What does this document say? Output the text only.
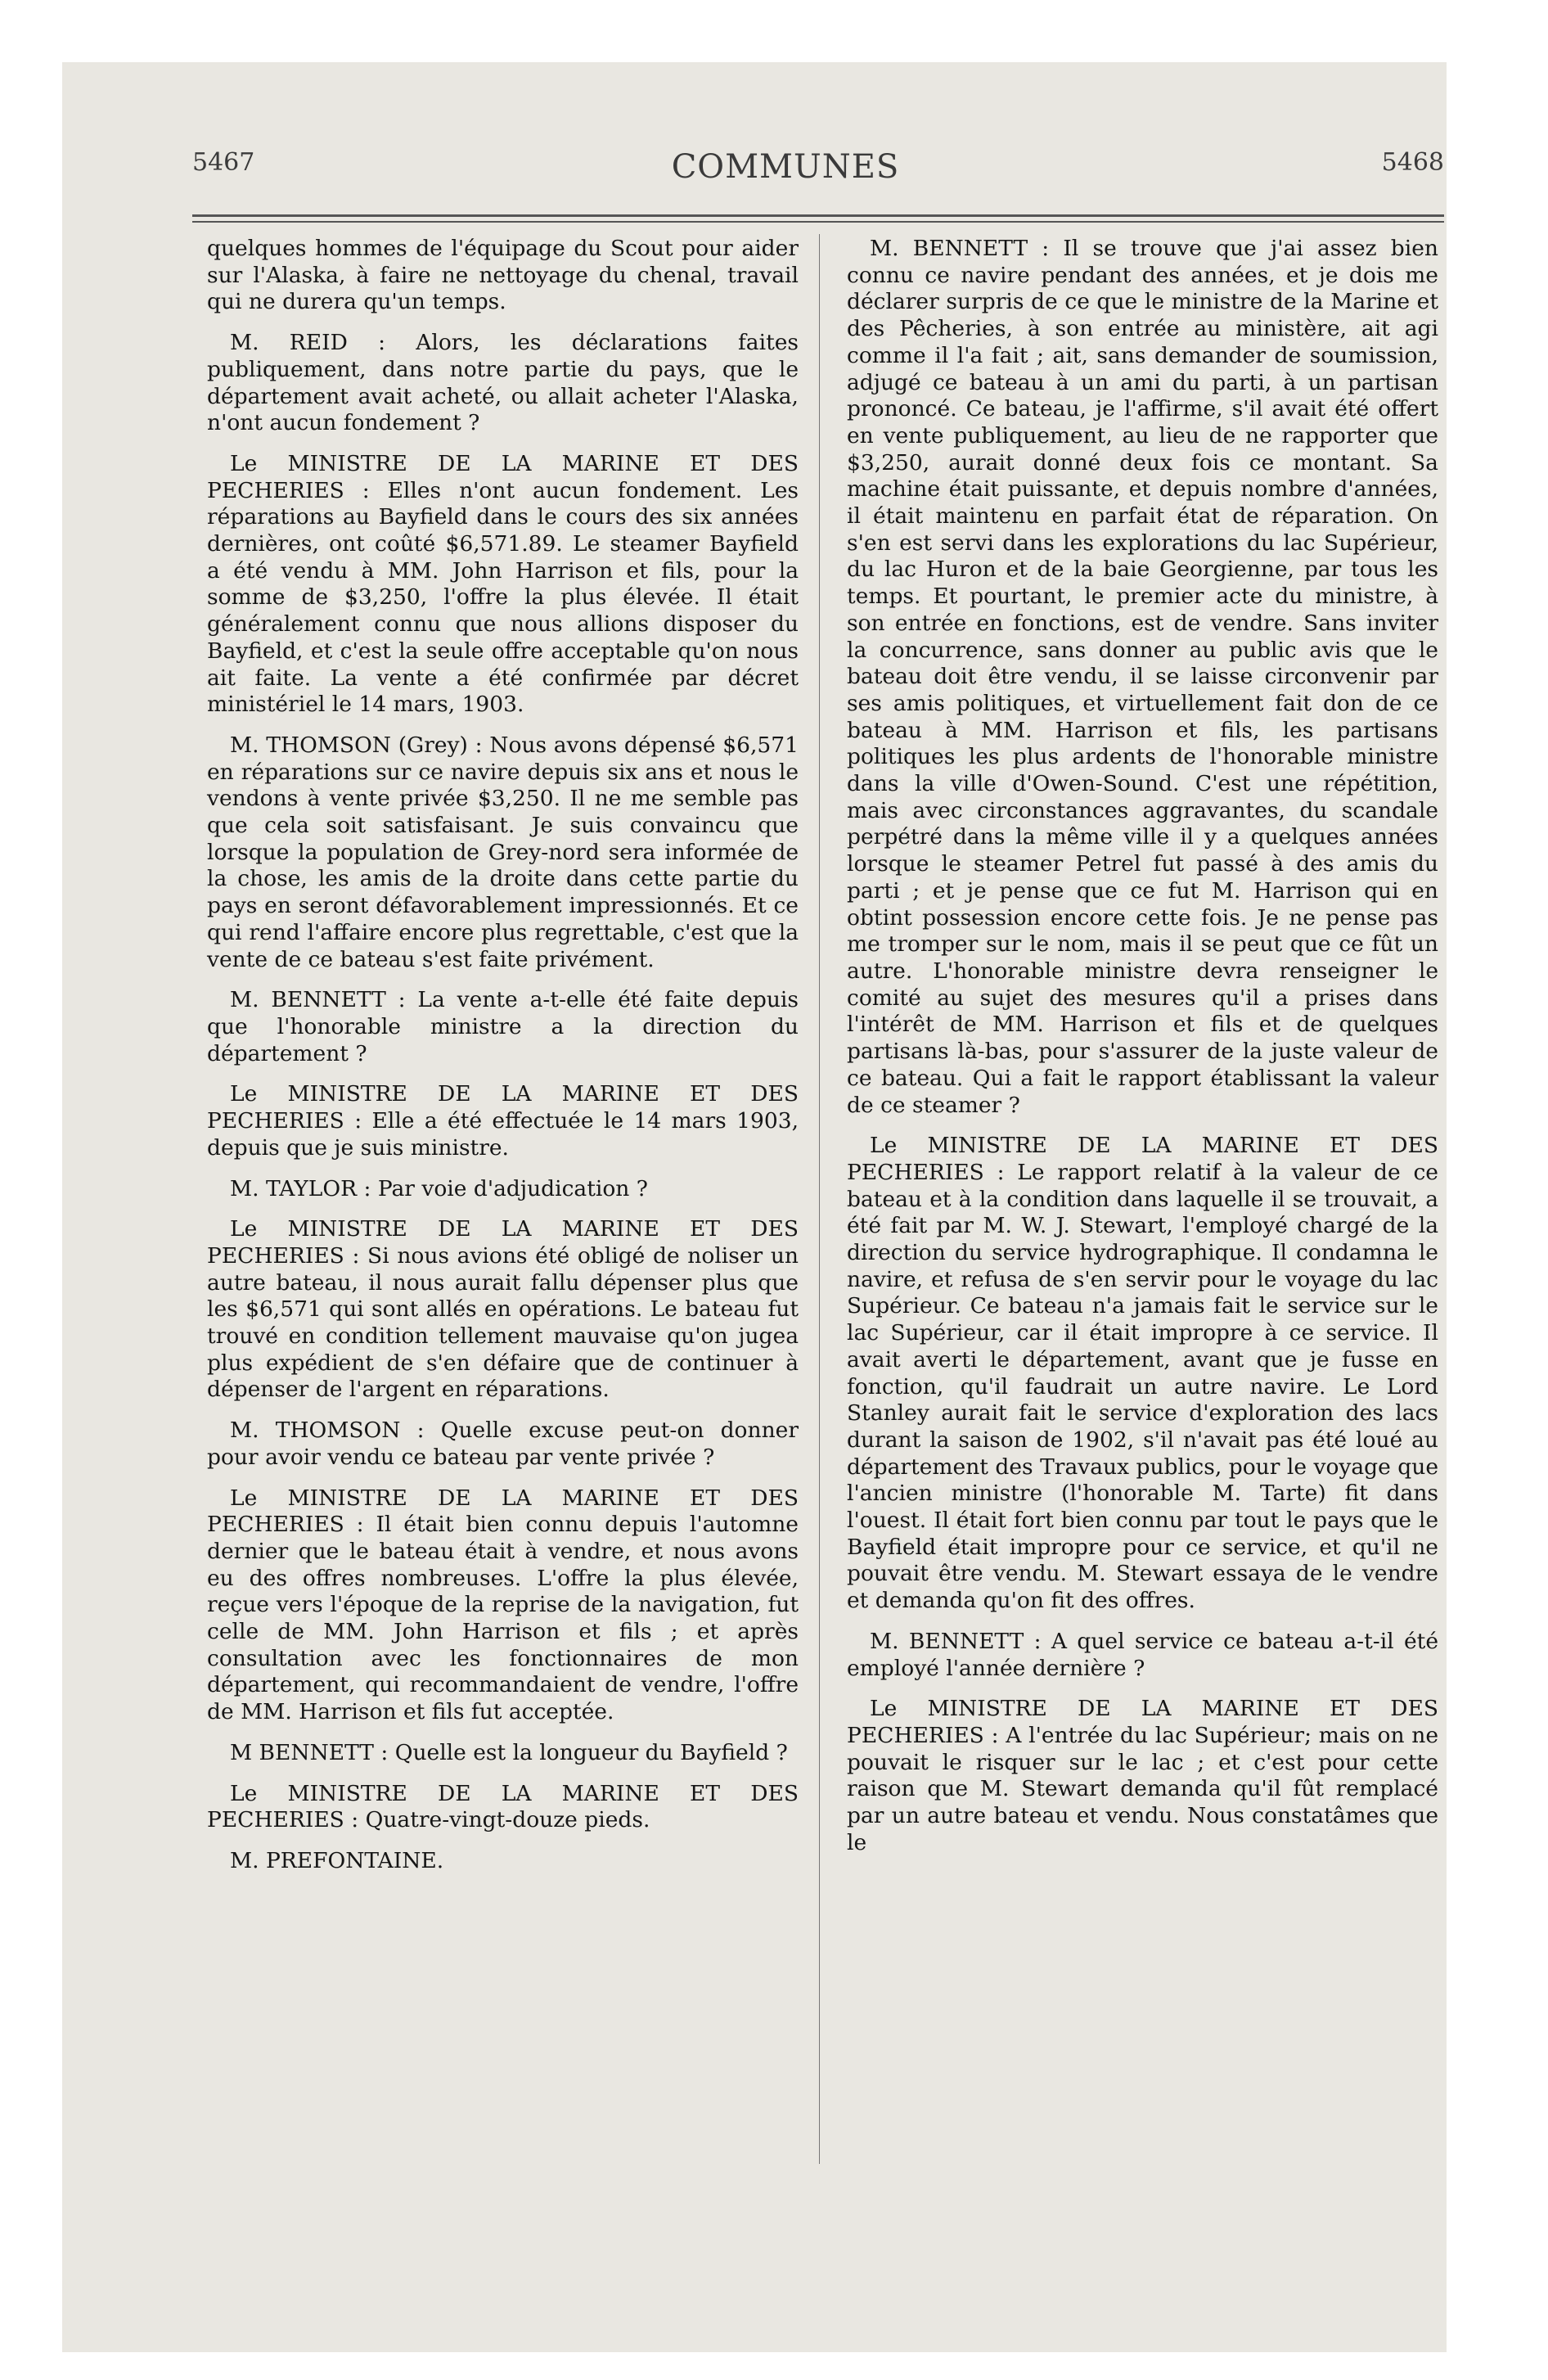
5467	COMMUNES	5468

quelques hommes de l'équipage du Scout pour aider sur l'Alaska, à faire ne nettoyage du chenal, travail qui ne durera qu'un temps.

M. REID : Alors, les déclarations faites publiquement, dans notre partie du pays, que le département avait acheté, ou allait acheter l'Alaska, n'ont aucun fondement ?

Le MINISTRE DE LA MARINE ET DES PECHERIES : Elles n'ont aucun fondement. Les réparations au Bayfield dans le cours des six années dernières, ont coûté $6,571.89. Le steamer Bayfield a été vendu à MM. John Harrison et fils, pour la somme de $3,250, l'offre la plus élevée. Il était généralement connu que nous allions disposer du Bayfield, et c'est la seule offre acceptable qu'on nous ait faite. La vente a été confirmée par décret ministériel le 14 mars, 1903.

M. THOMSON (Grey) : Nous avons dépensé $6,571 en réparations sur ce navire depuis six ans et nous le vendons à vente privée $3,250. Il ne me semble pas que cela soit satisfaisant. Je suis convaincu que lorsque la population de Grey-nord sera informée de la chose, les amis de la droite dans cette partie du pays en seront défavorablement impressionnés. Et ce qui rend l'affaire encore plus regrettable, c'est que la vente de ce bateau s'est faite privément.

M. BENNETT : La vente a-t-elle été faite depuis que l'honorable ministre a la direction du département ?

Le MINISTRE DE LA MARINE ET DES PECHERIES : Elle a été effectuée le 14 mars 1903, depuis que je suis ministre.

M. TAYLOR : Par voie d'adjudication ?

Le MINISTRE DE LA MARINE ET DES PECHERIES : Si nous avions été obligé de noliser un autre bateau, il nous aurait fallu dépenser plus que les $6,571 qui sont allés en opérations. Le bateau fut trouvé en condition tellement mauvaise qu'on jugea plus expédient de s'en défaire que de continuer à dépenser de l'argent en réparations.

M. THOMSON : Quelle excuse peut-on donner pour avoir vendu ce bateau par vente privée ?

Le MINISTRE DE LA MARINE ET DES PECHERIES : Il était bien connu depuis l'automne dernier que le bateau était à vendre, et nous avons eu des offres nombreuses. L'offre la plus élevée, reçue vers l'époque de la reprise de la navigation, fut celle de MM. John Harrison et fils ; et après consultation avec les fonctionnaires de mon département, qui recommandaient de vendre, l'offre de MM. Harrison et fils fut acceptée.

M BENNETT : Quelle est la longueur du Bayfield ?

Le MINISTRE DE LA MARINE ET DES PECHERIES : Quatre-vingt-douze pieds.

M. PREFONTAINE.

M. BENNETT : Il se trouve que j'ai assez bien connu ce navire pendant des années, et je dois me déclarer surpris de ce que le ministre de la Marine et des Pêcheries, à son entrée au ministère, ait agi comme il l'a fait ; ait, sans demander de soumission, adjugé ce bateau à un ami du parti, à un partisan prononcé. Ce bateau, je l'affirme, s'il avait été offert en vente publiquement, au lieu de ne rapporter que $3,250, aurait donné deux fois ce montant. Sa machine était puissante, et depuis nombre d'années, il était maintenu en parfait état de réparation. On s'en est servi dans les explorations du lac Supérieur, du lac Huron et de la baie Georgienne, par tous les temps. Et pourtant, le premier acte du ministre, à son entrée en fonctions, est de vendre. Sans inviter la concurrence, sans donner au public avis que le bateau doit être vendu, il se laisse circonvenir par ses amis politiques, et virtuellement fait don de ce bateau à MM. Harrison et fils, les partisans politiques les plus ardents de l'honorable ministre dans la ville d'Owen-Sound. C'est une répétition, mais avec circonstances aggravantes, du scandale perpétré dans la même ville il y a quelques années lorsque le steamer Petrel fut passé à des amis du parti ; et je pense que ce fut M. Harrison qui en obtint possession encore cette fois. Je ne pense pas me tromper sur le nom, mais il se peut que ce fût un autre. L'honorable ministre devra renseigner le comité au sujet des mesures qu'il a prises dans l'intérêt de MM. Harrison et fils et de quelques partisans là-bas, pour s'assurer de la juste valeur de ce bateau. Qui a fait le rapport établissant la valeur de ce steamer ?

Le MINISTRE DE LA MARINE ET DES PECHERIES : Le rapport relatif à la valeur de ce bateau et à la condition dans laquelle il se trouvait, a été fait par M. W. J. Stewart, l'employé chargé de la direction du service hydrographique. Il condamna le navire, et refusa de s'en servir pour le voyage du lac Supérieur. Ce bateau n'a jamais fait le service sur le lac Supérieur, car il était impropre à ce service. Il avait averti le département, avant que je fusse en fonction, qu'il faudrait un autre navire. Le Lord Stanley aurait fait le service d'exploration des lacs durant la saison de 1902, s'il n'avait pas été loué au département des Travaux publics, pour le voyage que l'ancien ministre (l'honorable M. Tarte) fit dans l'ouest. Il était fort bien connu par tout le pays que le Bayfield était impropre pour ce service, et qu'il ne pouvait être vendu. M. Stewart essaya de le vendre et demanda qu'on fit des offres.

M. BENNETT : A quel service ce bateau a-t-il été employé l'année dernière ?

Le MINISTRE DE LA MARINE ET DES PECHERIES : A l'entrée du lac Supérieur; mais on ne pouvait le risquer sur le lac ; et c'est pour cette raison que M. Stewart demanda qu'il fût remplacé par un autre bateau et vendu. Nous constatâmes que le
